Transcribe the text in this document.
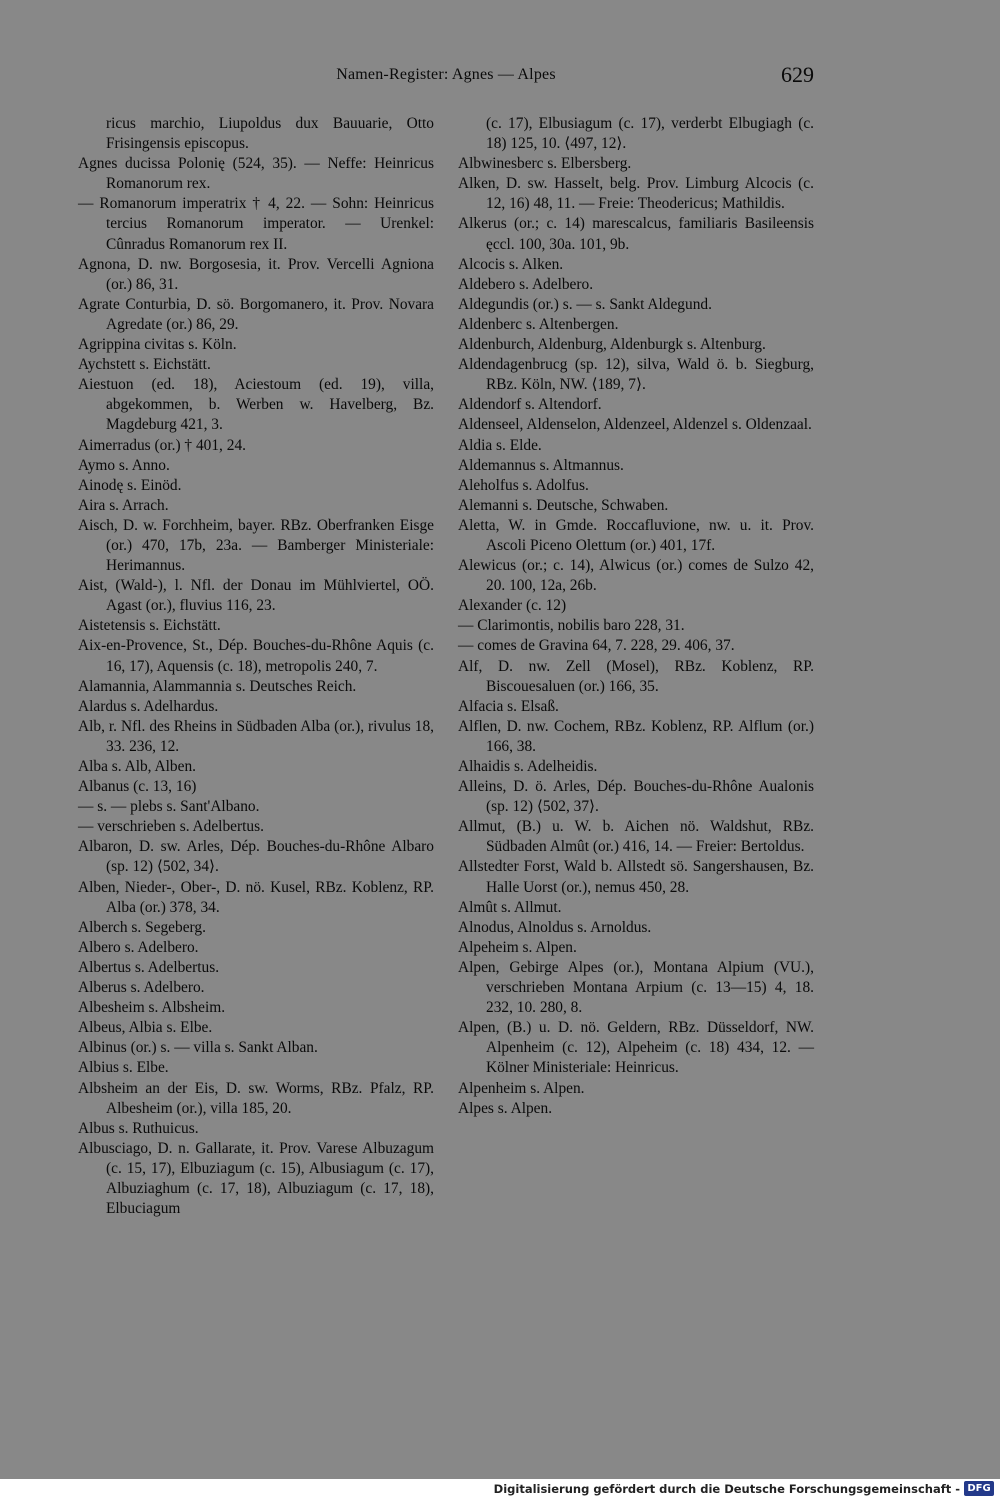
Namen-Register: Agnes — Alpes	629

ricus marchio, Liupoldus dux Bauuarie, Otto Frisingensis episcopus.

Agnes ducissa Polonię (524, 35). — Neffe: Heinricus Romanorum rex.

— Romanorum imperatrix † 4, 22. — Sohn: Heinricus tercius Romanorum imperator. — Urenkel: Cûnradus Romanorum rex II.

Agnona, D. nw. Borgosesia, it. Prov. Vercelli Agniona (or.) 86, 31.

Agrate Conturbia, D. sö. Borgomanero, it. Prov. Novara Agredate (or.) 86, 29.

Agrippina civitas s. Köln.

Aychstett s. Eichstätt.

Aiestuon (ed. 18), Aciestoum (ed. 19), villa, abgekommen, b. Werben w. Havelberg, Bz. Magdeburg 421, 3.

Aimerradus (or.) † 401, 24.

Aymo s. Anno.

Ainodę s. Einöd.

Aira s. Arrach.

Aisch, D. w. Forchheim, bayer. RBz. Oberfranken Eisge (or.) 470, 17b, 23a. — Bamberger Ministeriale: Herimannus.

Aist, (Wald-), l. Nfl. der Donau im Mühlviertel, OÖ. Agast (or.), fluvius 116, 23.

Aistetensis s. Eichstätt.

Aix-en-Provence, St., Dép. Bouches-du-Rhône Aquis (c. 16, 17), Aquensis (c. 18), metropolis 240, 7.

Alamannia, Alammannia s. Deutsches Reich.

Alardus s. Adelhardus.

Alb, r. Nfl. des Rheins in Südbaden Alba (or.), rivulus 18, 33. 236, 12.

Alba s. Alb, Alben.

Albanus (c. 13, 16)

— s. — plebs s. Sant'Albano.

— verschrieben s. Adelbertus.

Albaron, D. sw. Arles, Dép. Bouches-du-Rhône Albaro (sp. 12) ⟨502, 34⟩.

Alben, Nieder-, Ober-, D. nö. Kusel, RBz. Koblenz, RP. Alba (or.) 378, 34.

Alberch s. Segeberg.

Albero s. Adelbero.

Albertus s. Adelbertus.

Alberus s. Adelbero.

Albesheim s. Albsheim.

Albeus, Albia s. Elbe.

Albinus (or.) s. — villa s. Sankt Alban.

Albius s. Elbe.

Albsheim an der Eis, D. sw. Worms, RBz. Pfalz, RP. Albesheim (or.), villa 185, 20.

Albus s. Ruthuicus.

Albusciago, D. n. Gallarate, it. Prov. Varese Albuzagum (c. 15, 17), Elbuziagum (c. 15), Albusiagum (c. 17), Albuziaghum (c. 17, 18), Albuziagum (c. 17, 18), Elbuciagum

(c. 17), Elbusiagum (c. 17), verderbt Elbugiagh (c. 18) 125, 10. ⟨497, 12⟩.

Albwinesberc s. Elbersberg.

Alken, D. sw. Hasselt, belg. Prov. Limburg Alcocis (c. 12, 16) 48, 11. — Freie: Theodericus; Mathildis.

Alkerus (or.; c. 14) marescalcus, familiaris Basileensis ęccl. 100, 30a. 101, 9b.

Alcocis s. Alken.

Aldebero s. Adelbero.

Aldegundis (or.) s. — s. Sankt Aldegund.

Aldenberc s. Altenbergen.

Aldenburch, Aldenburg, Aldenburgk s. Altenburg.

Aldendagenbrucg (sp. 12), silva, Wald ö. b. Siegburg, RBz. Köln, NW. ⟨189, 7⟩.

Aldendorf s. Altendorf.

Aldenseel, Aldenselon, Aldenzeel, Aldenzel s. Oldenzaal.

Aldia s. Elde.

Aldemannus s. Altmannus.

Aleholfus s. Adolfus.

Alemanni s. Deutsche, Schwaben.

Aletta, W. in Gmde. Roccafluvione, nw. u. it. Prov. Ascoli Piceno Olettum (or.) 401, 17f.

Alewicus (or.; c. 14), Alwicus (or.) comes de Sulzo 42, 20. 100, 12a, 26b.

Alexander (c. 12)

— Clarimontis, nobilis baro 228, 31.

— comes de Gravina 64, 7. 228, 29. 406, 37.

Alf, D. nw. Zell (Mosel), RBz. Koblenz, RP. Biscouesaluen (or.) 166, 35.

Alfacia s. Elsaß.

Alflen, D. nw. Cochem, RBz. Koblenz, RP. Alflum (or.) 166, 38.

Alhaidis s. Adelheidis.

Alleins, D. ö. Arles, Dép. Bouches-du-Rhône Aualonis (sp. 12) ⟨502, 37⟩.

Allmut, (B.) u. W. b. Aichen nö. Waldshut, RBz. Südbaden Almût (or.) 416, 14. — Freier: Bertoldus.

Allstedter Forst, Wald b. Allstedt sö. Sangershausen, Bz. Halle Uorst (or.), nemus 450, 28.

Almût s. Allmut.

Alnodus, Alnoldus s. Arnoldus.

Alpeheim s. Alpen.

Alpen, Gebirge Alpes (or.), Montana Alpium (VU.), verschrieben Montana Arpium (c. 13—15) 4, 18. 232, 10. 280, 8.

Alpen, (B.) u. D. nö. Geldern, RBz. Düsseldorf, NW. Alpenheim (c. 12), Alpeheim (c. 18) 434, 12. — Kölner Ministeriale: Heinricus.

Alpenheim s. Alpen.

Alpes s. Alpen.

Digitalisierung gefördert durch die Deutsche Forschungsgemeinschaft - DFG
